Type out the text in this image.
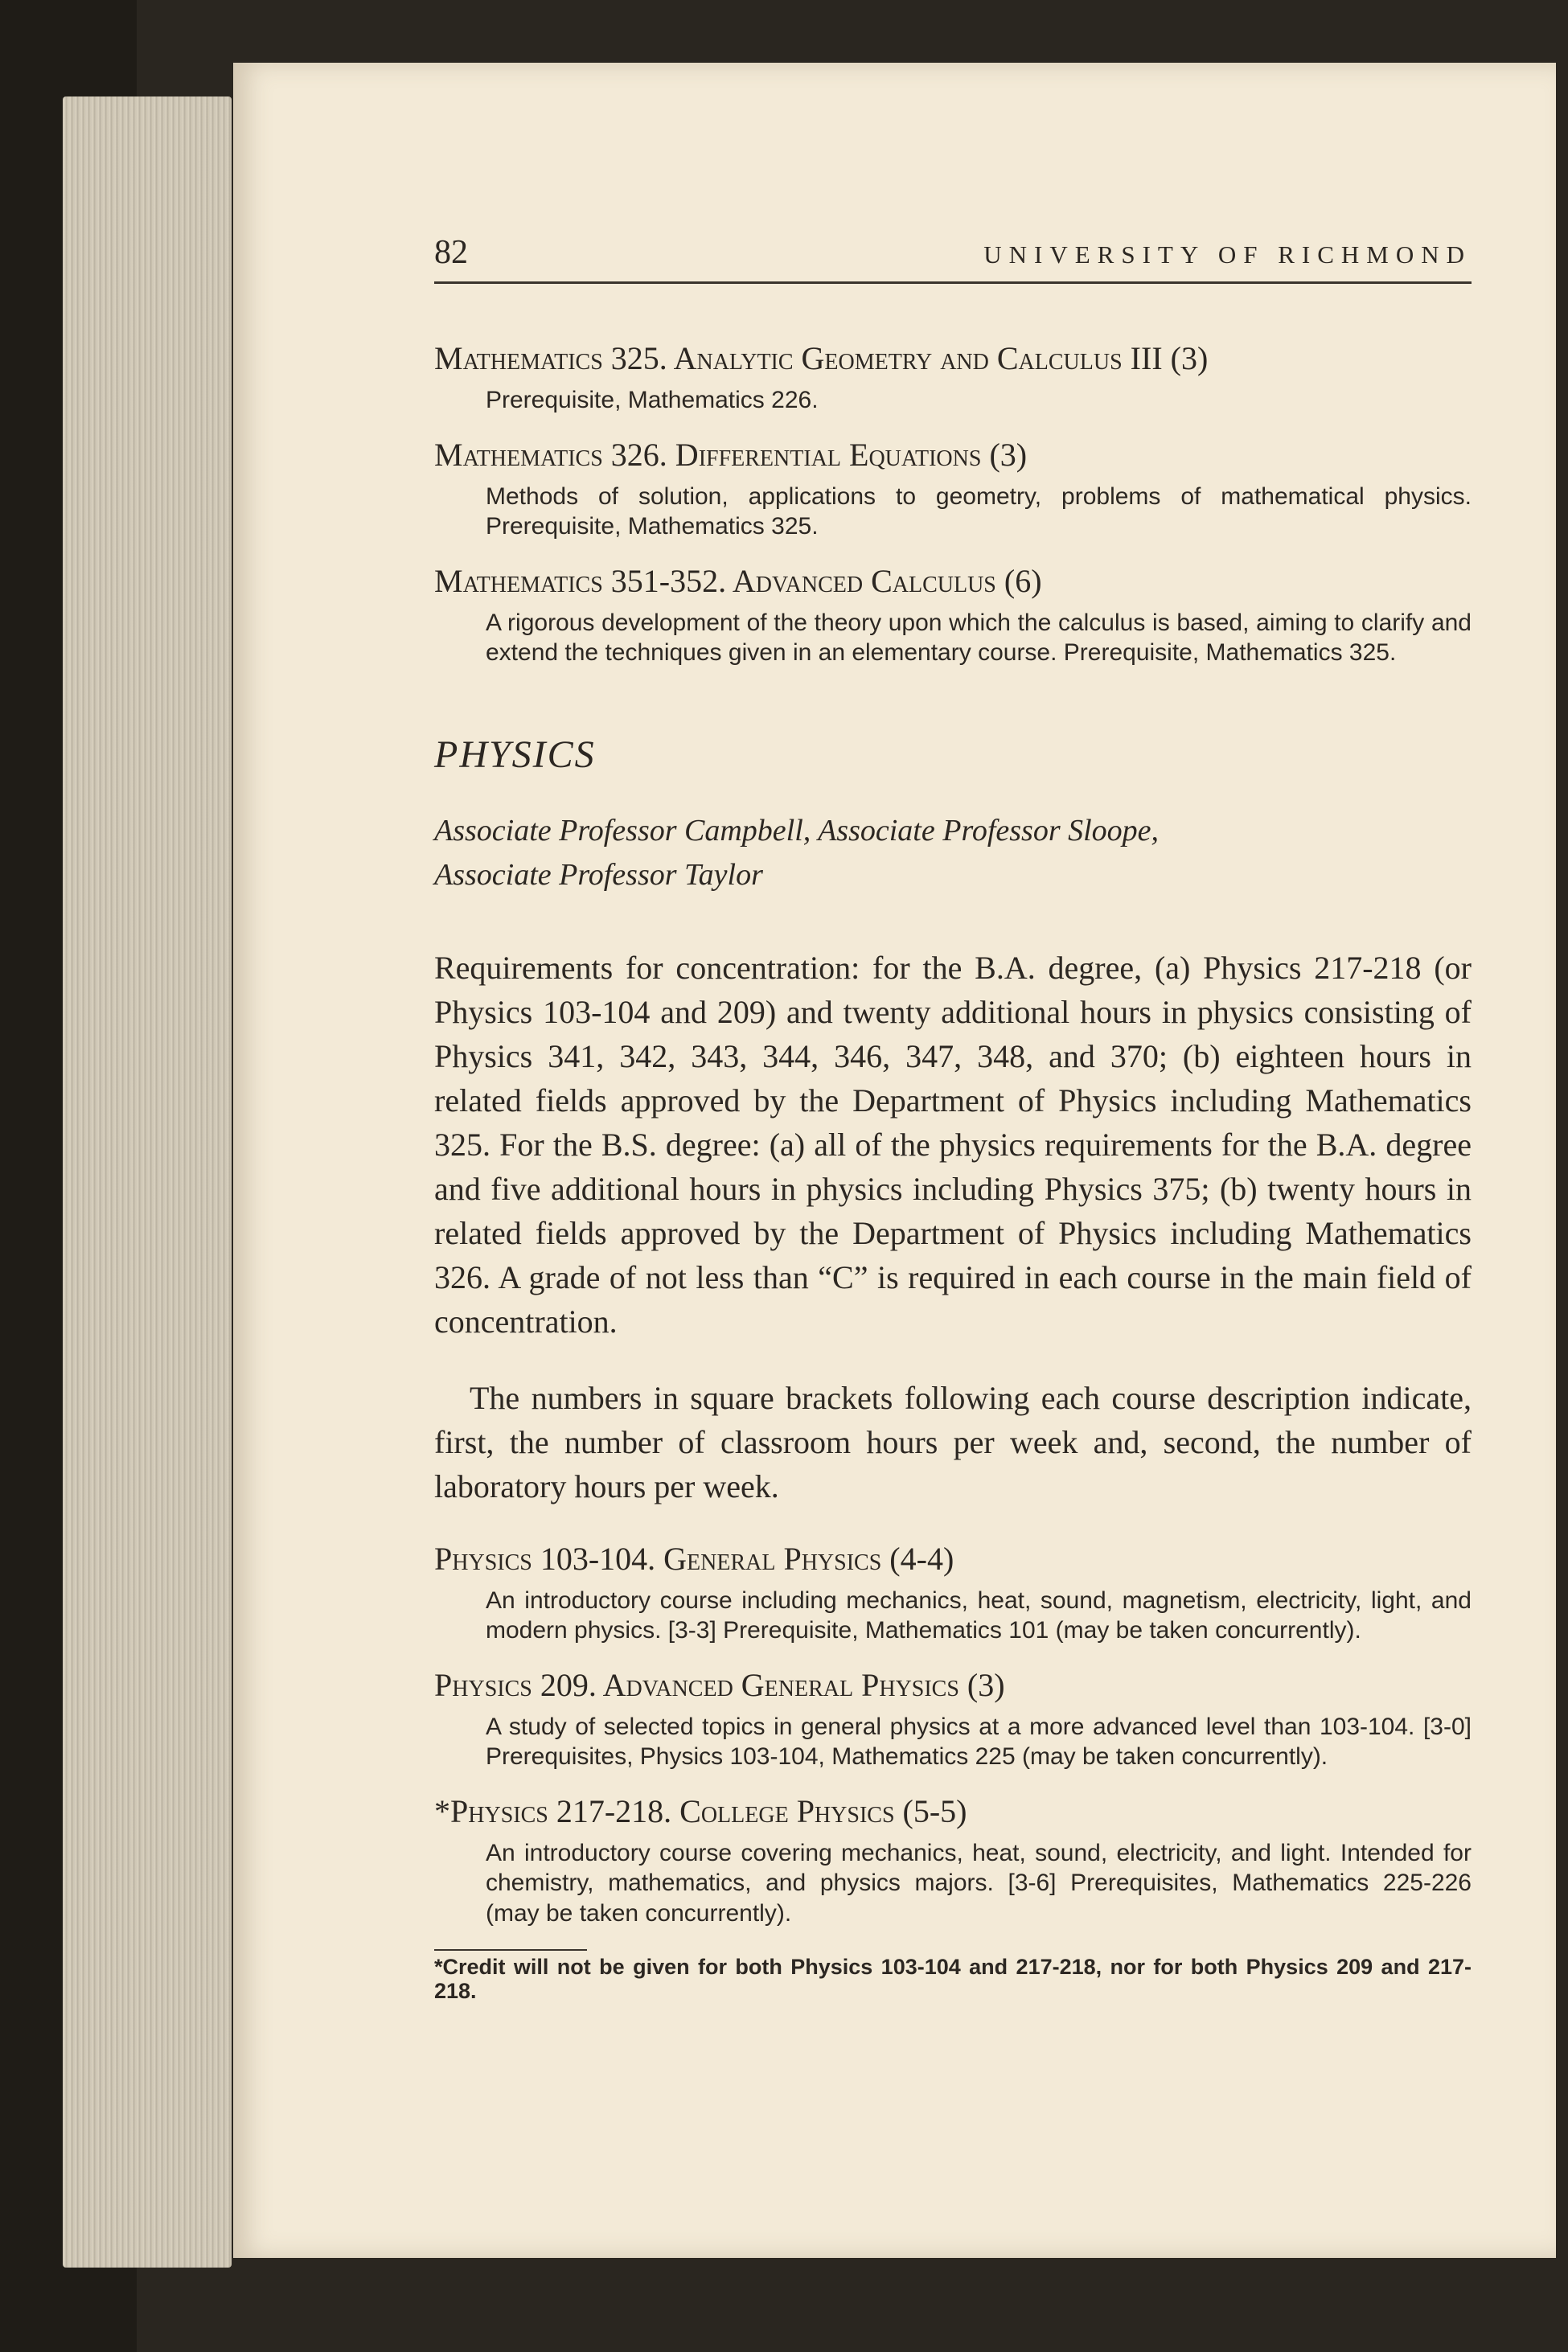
82	UNIVERSITY OF RICHMOND
Mathematics 325. Analytic Geometry and Calculus III (3)
Prerequisite, Mathematics 226.
Mathematics 326. Differential Equations (3)
Methods of solution, applications to geometry, problems of mathematical physics. Prerequisite, Mathematics 325.
Mathematics 351-352. Advanced Calculus (6)
A rigorous development of the theory upon which the calculus is based, aiming to clarify and extend the techniques given in an elementary course. Prerequisite, Mathematics 325.
PHYSICS
Associate Professor Campbell, Associate Professor Sloope,
Associate Professor Taylor
Requirements for concentration: for the B.A. degree, (a) Physics 217-218 (or Physics 103-104 and 209) and twenty additional hours in physics consisting of Physics 341, 342, 343, 344, 346, 347, 348, and 370; (b) eighteen hours in related fields approved by the Department of Physics including Mathematics 325. For the B.S. degree: (a) all of the physics requirements for the B.A. degree and five additional hours in physics including Physics 375; (b) twenty hours in related fields approved by the Department of Physics including Mathematics 326. A grade of not less than “C” is required in each course in the main field of concentration.
The numbers in square brackets following each course description indicate, first, the number of classroom hours per week and, second, the number of laboratory hours per week.
Physics 103-104. General Physics (4-4)
An introductory course including mechanics, heat, sound, magnetism, electricity, light, and modern physics. [3-3] Prerequisite, Mathematics 101 (may be taken concurrently).
Physics 209. Advanced General Physics (3)
A study of selected topics in general physics at a more advanced level than 103-104. [3-0] Prerequisites, Physics 103-104, Mathematics 225 (may be taken concurrently).
*Physics 217-218. College Physics (5-5)
An introductory course covering mechanics, heat, sound, electricity, and light. Intended for chemistry, mathematics, and physics majors. [3-6] Prerequisites, Mathematics 225-226 (may be taken concurrently).
*Credit will not be given for both Physics 103-104 and 217-218, nor for both Physics 209 and 217-218.
